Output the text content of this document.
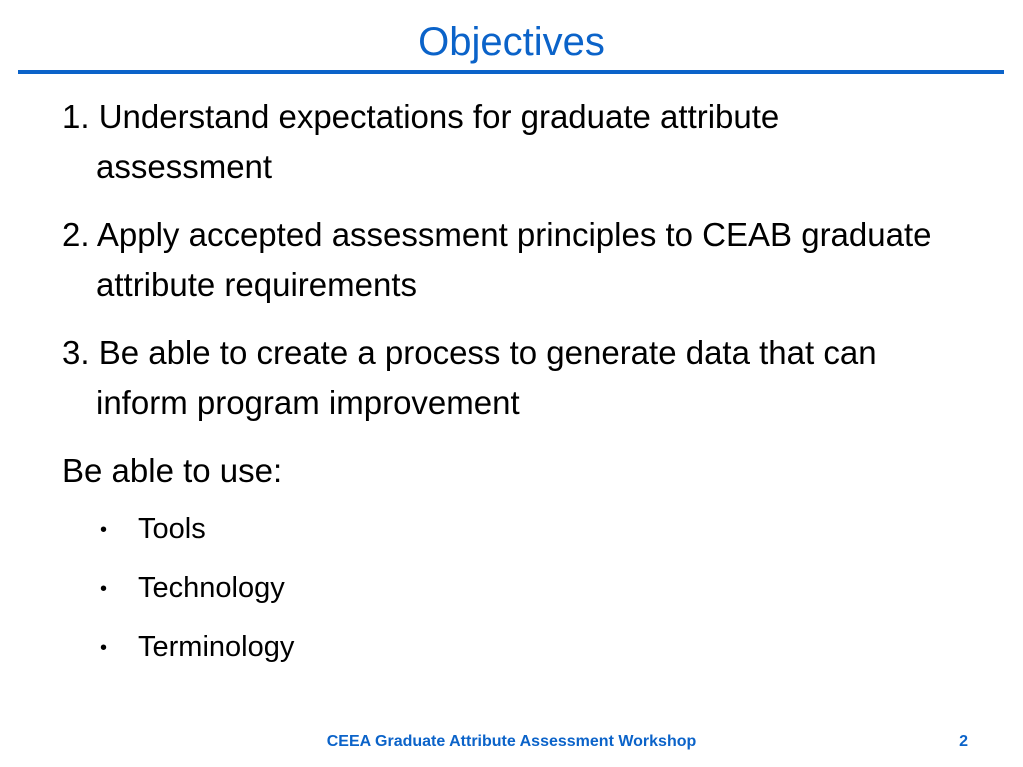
Objectives

1. Understand expectations for graduate attribute assessment

2. Apply accepted assessment principles to CEAB graduate attribute requirements

3. Be able to create a process to generate data that can inform program improvement

Be able to use:

• Tools
• Technology
• Terminology
CEEA Graduate Attribute Assessment Workshop	2
